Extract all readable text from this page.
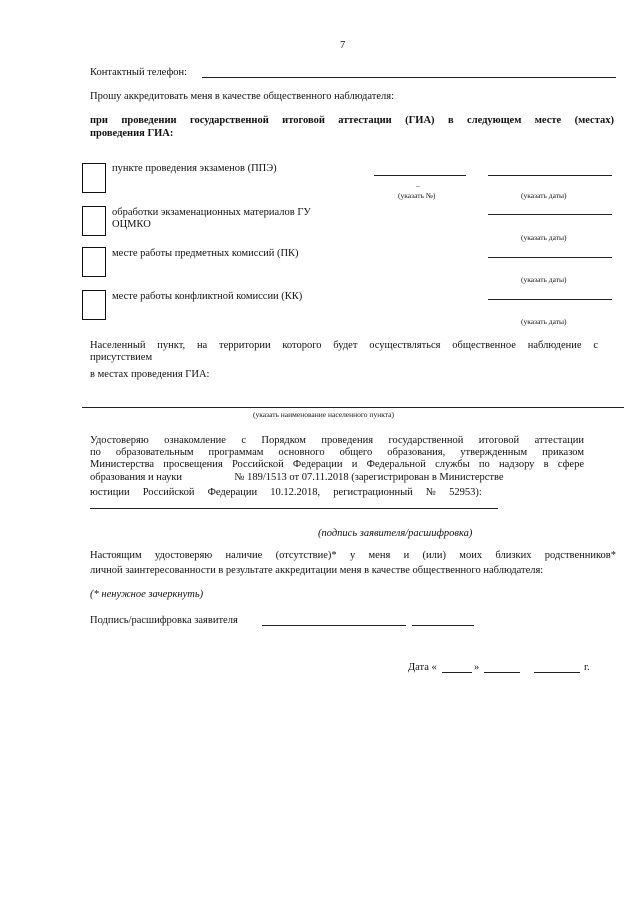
7
Контактный телефон:
Прошу аккредитовать меня в качестве общественного наблюдателя:
при проведении государственной итоговой аттестации (ГИА) в следующем месте (местах)
проведения ГИА:
пункте проведения экзаменов (ППЭ)
–
(указать №)	(указать даты)
обработки экзаменационных материалов ГУ
ОЦМКО
(указать даты)
месте работы предметных комиссий (ПК)
(указать даты)
месте работы конфликтной комиссии (КК)
(указать даты)
Населенный пункт, на территории которого будет осуществляться общественное наблюдение с
присутствием
в местах проведения ГИА:
(указать наименование населенного пункта)
Удостоверяю ознакомление с Порядком проведения государственной итоговой аттестации
по образовательным программам основного общего образования, утвержденным приказом
Министерства просвещения Российской Федерации и Федеральной службы по надзору в сфере
образования и науки                    № 189/1513 от 07.11.2018 (зарегистрирован в Министерстве
юстиции     Российской     Федерации     10.12.2018,     регистрационный     №     52953):
(подпись заявителя/расшифровка)
Настоящим удостоверяю наличие (отсутствие)* у меня и (или) моих близких родственников*
личной заинтересованности в результате аккредитации меня в качестве общественного наблюдателя:
(* ненужное зачеркнуть)
Подпись/расшифровка заявителя
Дата «	»	г.
